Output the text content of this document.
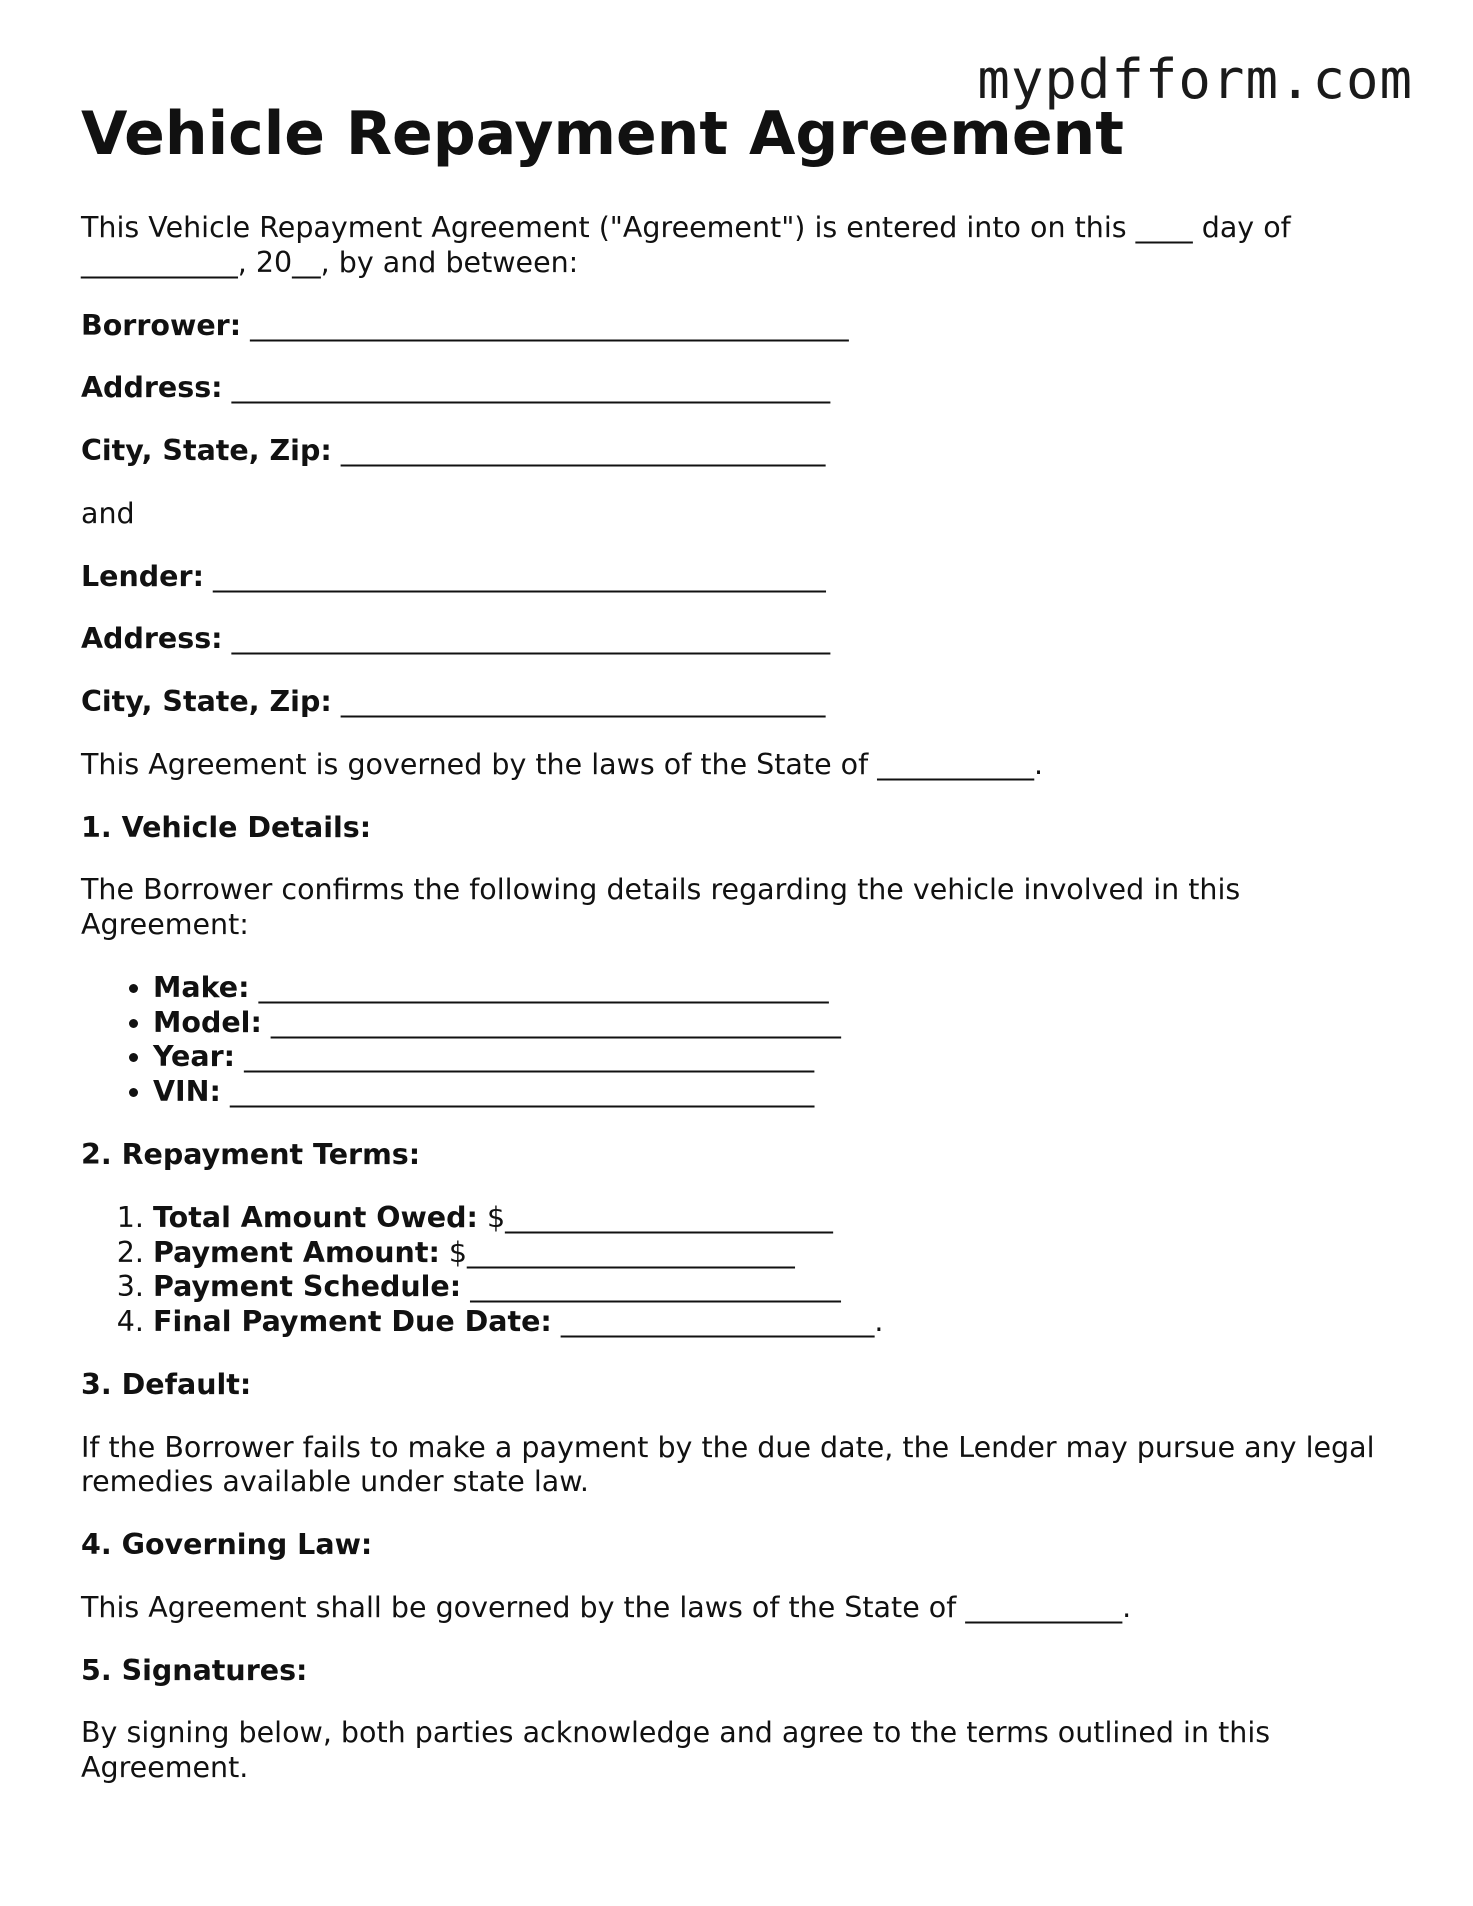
mypdfform.com
Vehicle Repayment Agreement

This Vehicle Repayment Agreement ("Agreement") is entered into on this ____ day of ___________, 20__, by and between:

Borrower: __________________________________________
Address: __________________________________________
City, State, Zip: __________________________________

and

Lender: ___________________________________________
Address: __________________________________________
City, State, Zip: __________________________________

This Agreement is governed by the laws of the State of ___________.

1. Vehicle Details:

The Borrower confirms the following details regarding the vehicle involved in this Agreement:

• Make: ________________________________________
• Model: ________________________________________
• Year: ________________________________________
• VIN: _________________________________________
2. Repayment Terms:
1. Total Amount Owed: $_______________________
2. Payment Amount: $_______________________
3. Payment Schedule: __________________________
4. Final Payment Due Date: ______________________.
3. Default:

If the Borrower fails to make a payment by the due date, the Lender may pursue any legal remedies available under state law.

4. Governing Law:

This Agreement shall be governed by the laws of the State of ___________.

5. Signatures:

By signing below, both parties acknowledge and agree to the terms outlined in this Agreement.
